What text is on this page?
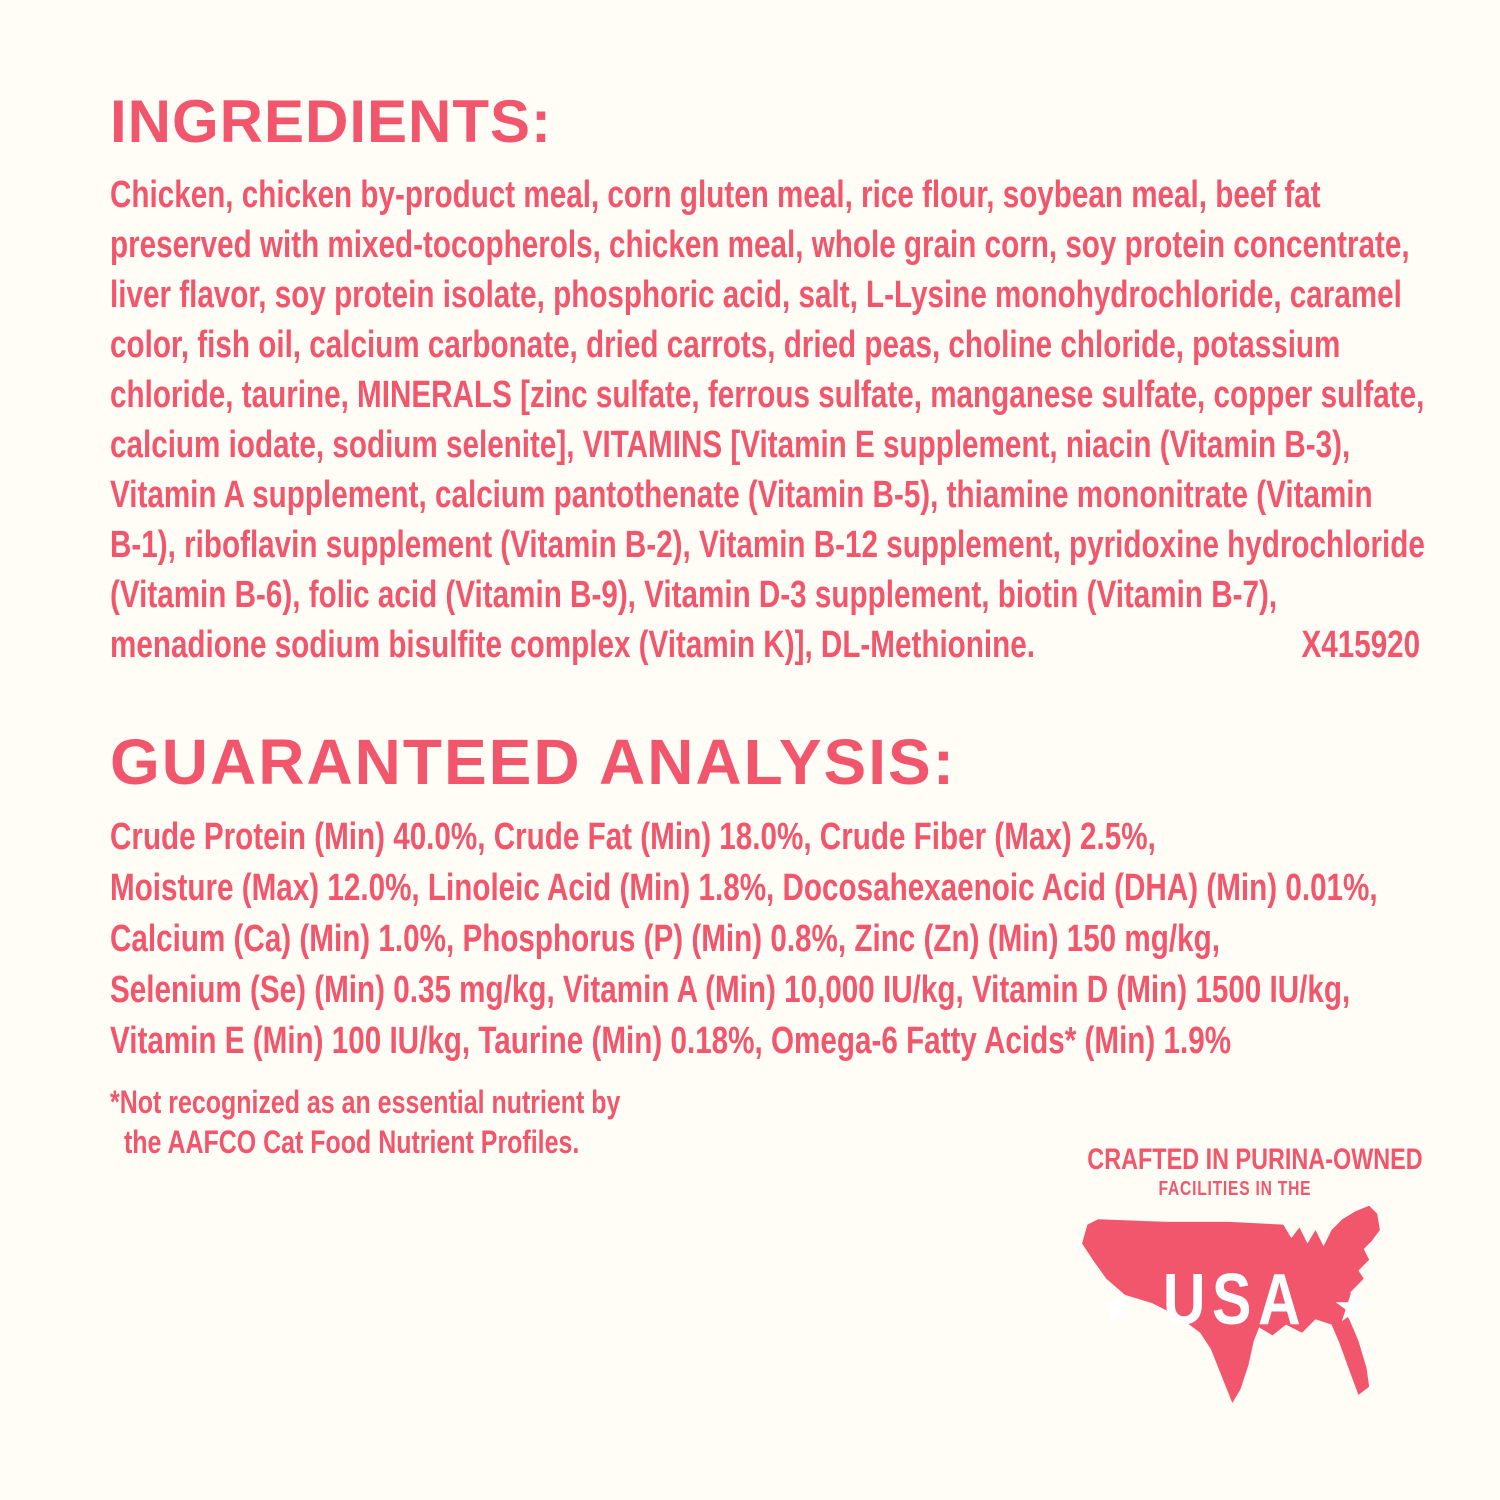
INGREDIENTS:
Chicken, chicken by-product meal, corn gluten meal, rice flour, soybean meal, beef fat
preserved with mixed-tocopherols, chicken meal, whole grain corn, soy protein concentrate,
liver flavor, soy protein isolate, phosphoric acid, salt, L-Lysine monohydrochloride, caramel
color, fish oil, calcium carbonate, dried carrots, dried peas, choline chloride, potassium
chloride, taurine, MINERALS [zinc sulfate, ferrous sulfate, manganese sulfate, copper sulfate,
calcium iodate, sodium selenite], VITAMINS [Vitamin E supplement, niacin (Vitamin B-3),
Vitamin A supplement, calcium pantothenate (Vitamin B-5), thiamine mononitrate (Vitamin
B-1), riboflavin supplement (Vitamin B-2), Vitamin B-12 supplement, pyridoxine hydrochloride
(Vitamin B-6), folic acid (Vitamin B-9), Vitamin D-3 supplement, biotin (Vitamin B-7),
menadione sodium bisulfite complex (Vitamin K)], DL-Methionine.	X415920
GUARANTEED ANALYSIS:
Crude Protein (Min) 40.0%, Crude Fat (Min) 18.0%, Crude Fiber (Max) 2.5%,
Moisture (Max) 12.0%, Linoleic Acid (Min) 1.8%, Docosahexaenoic Acid (DHA) (Min) 0.01%,
Calcium (Ca) (Min) 1.0%, Phosphorus (P) (Min) 0.8%, Zinc (Zn) (Min) 150 mg/kg,
Selenium (Se) (Min) 0.35 mg/kg, Vitamin A (Min) 10,000 IU/kg, Vitamin D (Min) 1500 IU/kg,
Vitamin E (Min) 100 IU/kg, Taurine (Min) 0.18%, Omega-6 Fatty Acids* (Min) 1.9%
*Not recognized as an essential nutrient by
the AAFCO Cat Food Nutrient Profiles.	CRAFTED IN PURINA-OWNED
FACILITIES IN THE
★ USA ★
